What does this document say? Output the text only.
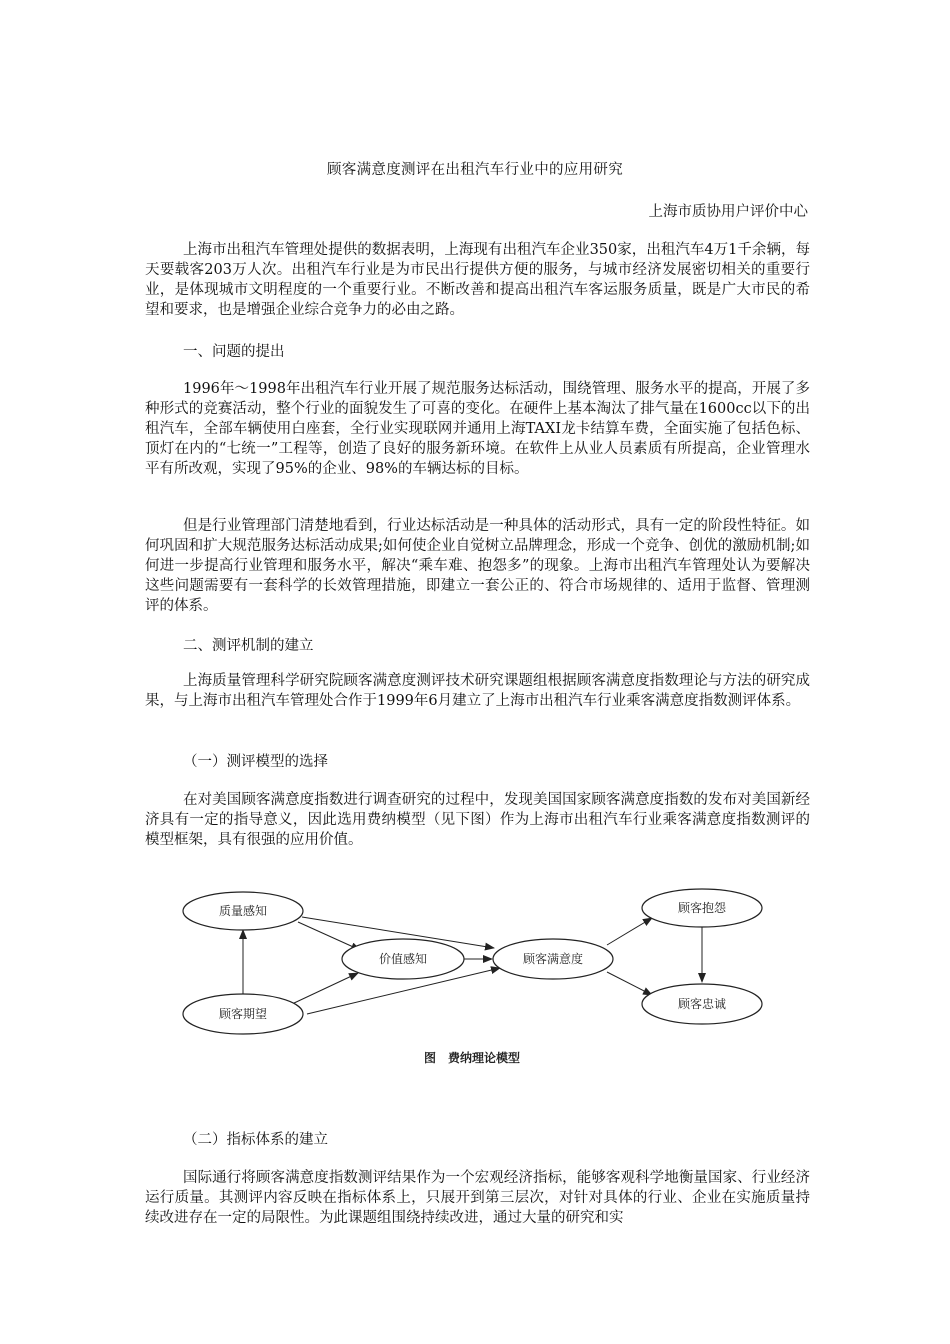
顾客满意度测评在出租汽车行业中的应用研究
上海市质协用户评价中心

上海市出租汽车管理处提供的数据表明，上海现有出租汽车企业350家，出租汽车4万1千余辆，每天要载客203万人次。出租汽车行业是为市民出行提供方便的服务，与城市经济发展密切相关的重要行业，是体现城市文明程度的一个重要行业。不断改善和提高出租汽车客运服务质量，既是广大市民的希望和要求，也是增强企业综合竞争力的必由之路。

一、问题的提出

1996年～1998年出租汽车行业开展了规范服务达标活动，围绕管理、服务水平的提高，开展了多种形式的竞赛活动，整个行业的面貌发生了可喜的变化。在硬件上基本淘汰了排气量在1600cc以下的出租汽车，全部车辆使用白座套，全行业实现联网并通用上海TAXI龙卡结算车费，全面实施了包括色标、顶灯在内的“七统一”工程等，创造了良好的服务新环境。在软件上从业人员素质有所提高，企业管理水平有所改观，实现了95%的企业、98%的车辆达标的目标。

但是行业管理部门清楚地看到，行业达标活动是一种具体的活动形式，具有一定的阶段性特征。如何巩固和扩大规范服务达标活动成果;如何使企业自觉树立品牌理念，形成一个竞争、创优的激励机制;如何进一步提高行业管理和服务水平，解决“乘车难、抱怨多”的现象。上海市出租汽车管理处认为要解决这些问题需要有一套科学的长效管理措施，即建立一套公正的、符合市场规律的、适用于监督、管理测评的体系。

二、测评机制的建立

上海质量管理科学研究院顾客满意度测评技术研究课题组根据顾客满意度指数理论与方法的研究成果，与上海市出租汽车管理处合作于1999年6月建立了上海市出租汽车行业乘客满意度指数测评体系。

（一）测评模型的选择

在对美国顾客满意度指数进行调查研究的过程中，发现美国国家顾客满意度指数的发布对美国新经济具有一定的指导意义，因此选用费纳模型（见下图）作为上海市出租汽车行业乘客满意度指数测评的模型框架，具有很强的应用价值。

质量感知
顾客期望
价值感知	顾客满意度
顾客抱怨
顾客忠诚
图　费纳理论模型

（二）指标体系的建立

国际通行将顾客满意度指数测评结果作为一个宏观经济指标，能够客观科学地衡量国家、行业经济运行质量。其测评内容反映在指标体系上，只展开到第三层次，对针对具体的行业、企业在实施质量持续改进存在一定的局限性。为此课题组围绕持续改进，通过大量的研究和实
